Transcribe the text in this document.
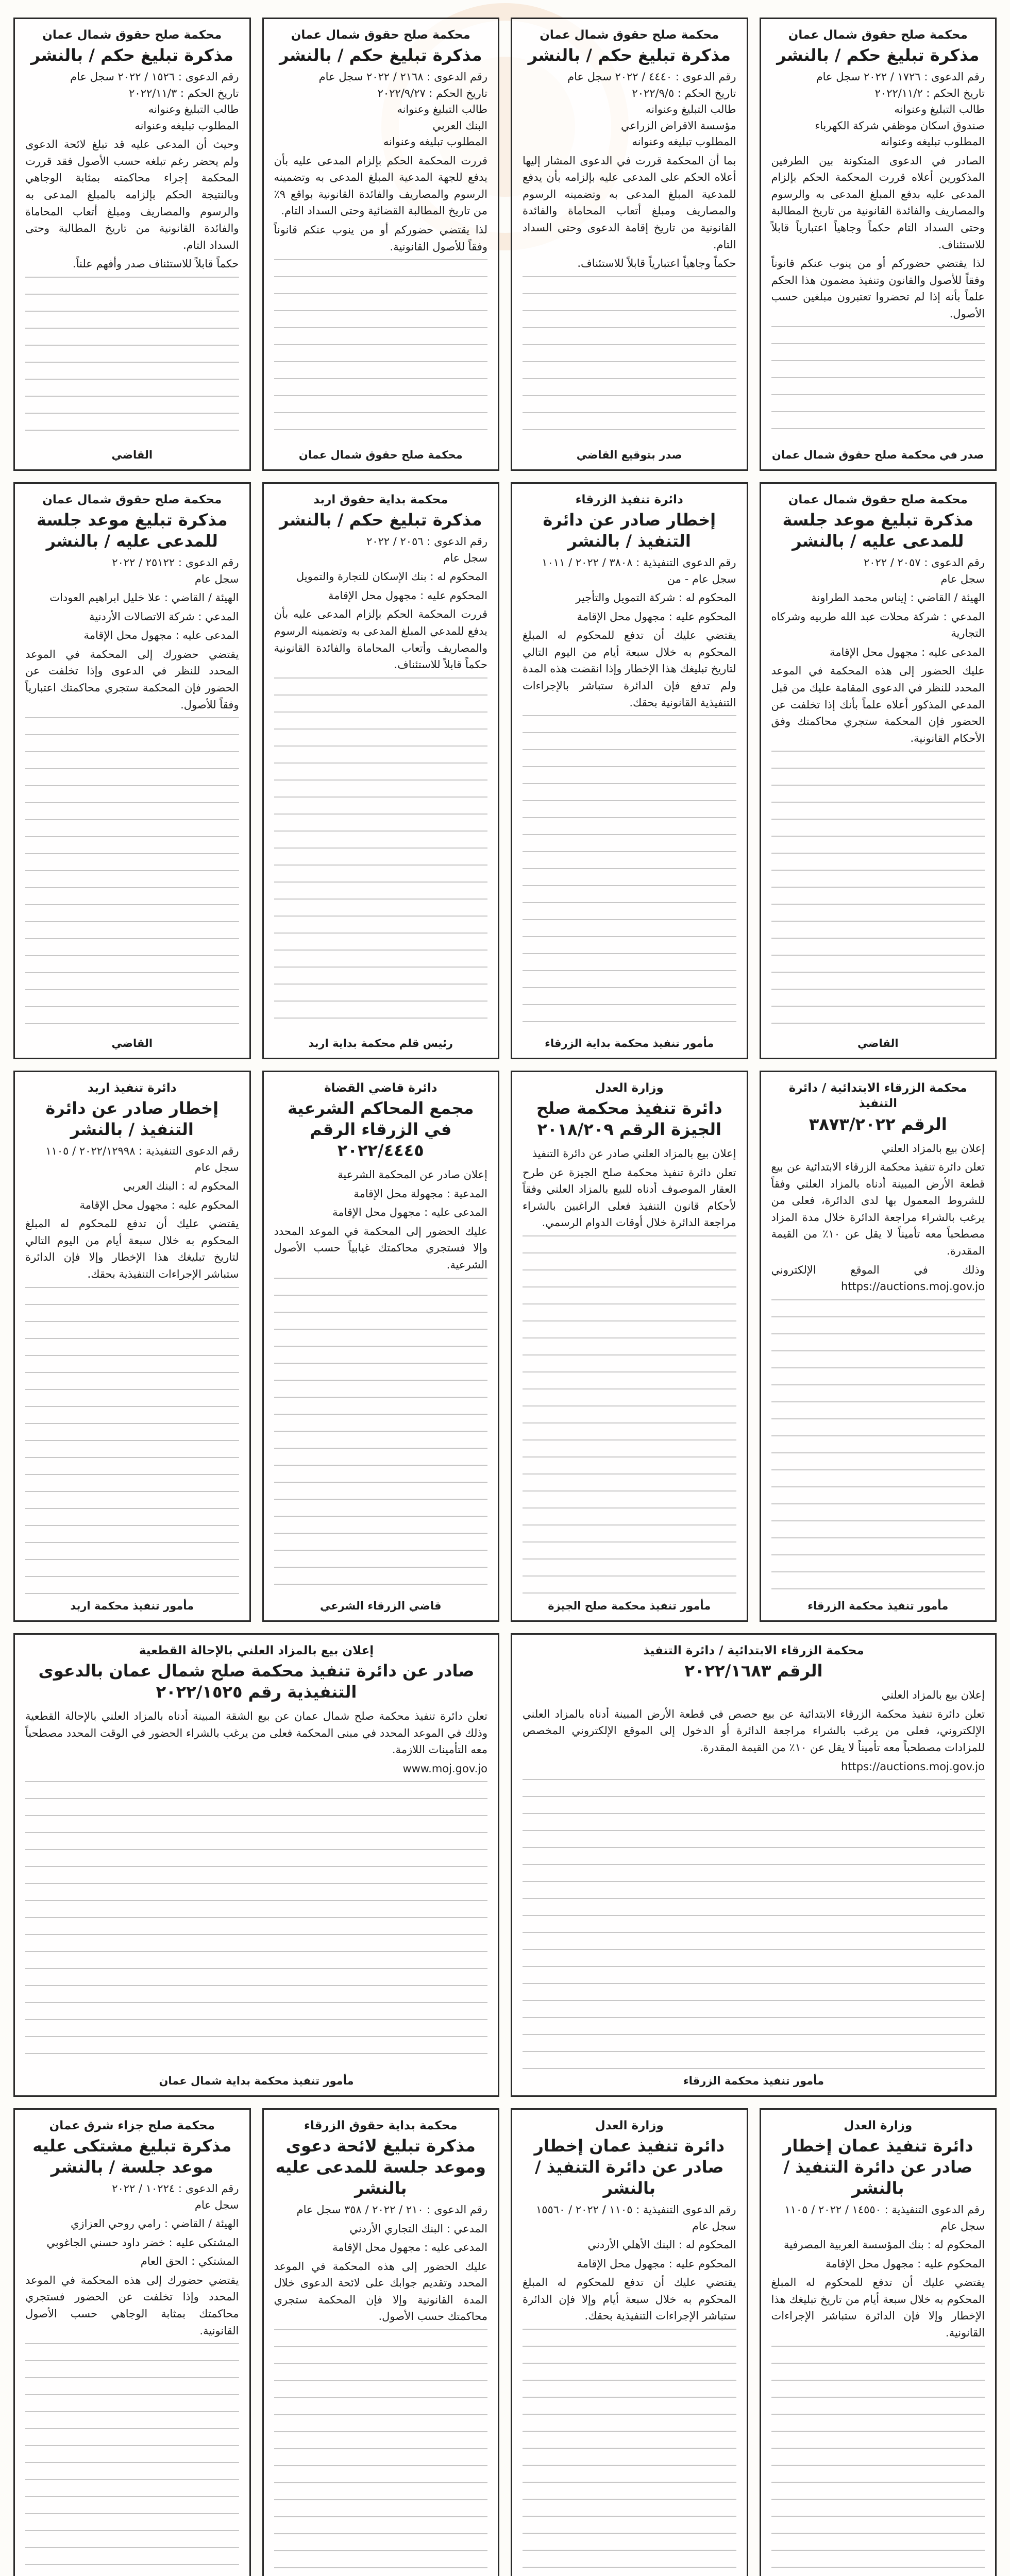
محكمة صلح حقوق شمال عمان
مذكرة تبليغ حكم / بالنشر
رقم الدعوى : ١٧٢٦ / ٢٠٢٢ سجل عام
تاريخ الحكم : ٢٠٢٢/١١/٢
طالب التبليغ وعنوانه
صندوق اسكان موظفي شركة الكهرباء
المطلوب تبليغه وعنوانه
الصادر في الدعوى المتكونة بين الطرفين المذكورين أعلاه قررت المحكمة الحكم بإلزام المدعى عليه بدفع المبلغ المدعى به والرسوم والمصاريف والفائدة القانونية من تاريخ المطالبة وحتى السداد التام حكماً وجاهياً اعتبارياً قابلاً للاستئناف.
لذا يقتضي حضوركم أو من ينوب عنكم قانوناً وفقاً للأصول والقانون وتنفيذ مضمون هذا الحكم علماً بأنه إذا لم تحضروا تعتبرون مبلغين حسب الأصول.
صدر في محكمة صلح حقوق شمال عمان
محكمة صلح حقوق شمال عمان
مذكرة تبليغ حكم / بالنشر
رقم الدعوى : ٤٤٤٠ / ٢٠٢٢ سجل عام
تاريخ الحكم : ٢٠٢٢/٩/٥
طالب التبليغ وعنوانه
مؤسسة الاقراض الزراعي
المطلوب تبليغه وعنوانه
بما أن المحكمة قررت في الدعوى المشار إليها أعلاه الحكم على المدعى عليه بإلزامه بأن يدفع للمدعية المبلغ المدعى به وتضمينه الرسوم والمصاريف ومبلغ أتعاب المحاماة والفائدة القانونية من تاريخ إقامة الدعوى وحتى السداد التام.
حكماً وجاهياً اعتبارياً قابلاً للاستئناف.
صدر بتوقيع القاضي
محكمة صلح حقوق شمال عمان
مذكرة تبليغ حكم / بالنشر
رقم الدعوى : ٢١٦٨ / ٢٠٢٢ سجل عام
تاريخ الحكم : ٢٠٢٢/٩/٢٧
طالب التبليغ وعنوانه
البنك العربي
المطلوب تبليغه وعنوانه
قررت المحكمة الحكم بإلزام المدعى عليه بأن يدفع للجهة المدعية المبلغ المدعى به وتضمينه الرسوم والمصاريف والفائدة القانونية بواقع ٩٪ من تاريخ المطالبة القضائية وحتى السداد التام.
لذا يقتضي حضوركم أو من ينوب عنكم قانوناً وفقاً للأصول القانونية.
محكمة صلح حقوق شمال عمان
محكمة صلح حقوق شمال عمان
مذكرة تبليغ حكم / بالنشر
رقم الدعوى : ١٥٢٦ / ٢٠٢٢ سجل عام
تاريخ الحكم : ٢٠٢٢/١١/٣
طالب التبليغ وعنوانه
المطلوب تبليغه وعنوانه
وحيث أن المدعى عليه قد تبلغ لائحة الدعوى ولم يحضر رغم تبلغه حسب الأصول فقد قررت المحكمة إجراء محاكمته بمثابة الوجاهي وبالنتيجة الحكم بإلزامه بالمبلغ المدعى به والرسوم والمصاريف ومبلغ أتعاب المحاماة والفائدة القانونية من تاريخ المطالبة وحتى السداد التام.
حكماً قابلاً للاستئناف صدر وأفهم علناً.
القاضي
محكمة صلح حقوق شمال عمان
مذكرة تبليغ موعد جلسة للمدعى عليه / بالنشر
رقم الدعوى : ٢٠٥٧ / ٢٠٢٢
سجل عام
الهيئة / القاضي : إيناس محمد الطراونة
المدعي : شركة محلات عبد الله طربيه وشركاه التجارية
المدعى عليه : مجهول محل الإقامة
عليك الحضور إلى هذه المحكمة في الموعد المحدد للنظر في الدعوى المقامة عليك من قبل المدعي المذكور أعلاه علماً بأنك إذا تخلفت عن الحضور فإن المحكمة ستجري محاكمتك وفق الأحكام القانونية.
القاضي
دائرة تنفيذ الزرقاء
إخطار صادر عن دائرة التنفيذ / بالنشر
رقم الدعوى التنفيذية : ٣٨٠٨ / ٢٠٢٢ / ١٠١١
سجل عام - من
المحكوم له : شركة التمويل والتأجير
المحكوم عليه : مجهول محل الإقامة
يقتضي عليك أن تدفع للمحكوم له المبلغ المحكوم به خلال سبعة أيام من اليوم التالي لتاريخ تبليغك هذا الإخطار وإذا انقضت هذه المدة ولم تدفع فإن الدائرة ستباشر بالإجراءات التنفيذية القانونية بحقك.
مأمور تنفيذ محكمة بداية الزرقاء
محكمة بداية حقوق اربد
مذكرة تبليغ حكم / بالنشر
رقم الدعوى : ٢٠٥٦ / ٢٠٢٢
سجل عام
المحكوم له : بنك الإسكان للتجارة والتمويل
المحكوم عليه : مجهول محل الإقامة
قررت المحكمة الحكم بإلزام المدعى عليه بأن يدفع للمدعي المبلغ المدعى به وتضمينه الرسوم والمصاريف وأتعاب المحاماة والفائدة القانونية حكماً قابلاً للاستئناف.
رئيس قلم محكمة بداية اربد
محكمة صلح حقوق شمال عمان
مذكرة تبليغ موعد جلسة للمدعى عليه / بالنشر
رقم الدعوى : ٢٥١٢٢ / ٢٠٢٢
سجل عام
الهيئة / القاضي : علا خليل ابراهيم العودات
المدعي : شركة الاتصالات الأردنية
المدعى عليه : مجهول محل الإقامة
يقتضي حضورك إلى المحكمة في الموعد المحدد للنظر في الدعوى وإذا تخلفت عن الحضور فإن المحكمة ستجري محاكمتك اعتبارياً وفقاً للأصول.
القاضي
محكمة الزرقاء الابتدائية / دائرة التنفيذ
الرقم ٣٨٧٣/٢٠٢٢
إعلان بيع بالمزاد العلني
تعلن دائرة تنفيذ محكمة الزرقاء الابتدائية عن بيع قطعة الأرض المبينة أدناه بالمزاد العلني وفقاً للشروط المعمول بها لدى الدائرة، فعلى من يرغب بالشراء مراجعة الدائرة خلال مدة المزاد مصطحباً معه تأميناً لا يقل عن ١٠٪ من القيمة المقدرة.
وذلك في الموقع الإلكتروني https://auctions.moj.gov.jo
مأمور تنفيذ محكمة الزرقاء
وزارة العدل
دائرة تنفيذ محكمة صلح الجيزة الرقم ٢٠١٨/٢٠٩
إعلان بيع بالمزاد العلني صادر عن دائرة التنفيذ
تعلن دائرة تنفيذ محكمة صلح الجيزة عن طرح العقار الموصوف أدناه للبيع بالمزاد العلني وفقاً لأحكام قانون التنفيذ فعلى الراغبين بالشراء مراجعة الدائرة خلال أوقات الدوام الرسمي.
مأمور تنفيذ محكمة صلح الجيزة
دائرة قاضي القضاة
مجمع المحاكم الشرعية في الزرقاء الرقم ٢٠٢٢/٤٤٤٥
إعلان صادر عن المحكمة الشرعية
المدعية : مجهولة محل الإقامة
المدعى عليه : مجهول محل الإقامة
عليك الحضور إلى المحكمة في الموعد المحدد وإلا فستجري محاكمتك غيابياً حسب الأصول الشرعية.
قاضي الزرقاء الشرعي
دائرة تنفيذ اربد
إخطار صادر عن دائرة التنفيذ / بالنشر
رقم الدعوى التنفيذية : ٢٠٢٢/١٢٩٩٨ / ١١٠٥
سجل عام
المحكوم له : البنك العربي
المحكوم عليه : مجهول محل الإقامة
يقتضي عليك أن تدفع للمحكوم له المبلغ المحكوم به خلال سبعة أيام من اليوم التالي لتاريخ تبليغك هذا الإخطار وإلا فإن الدائرة ستباشر الإجراءات التنفيذية بحقك.
مأمور تنفيذ محكمة اربد
محكمة الزرقاء الابتدائية / دائرة التنفيذ
الرقم ٢٠٢٢/١٦٨٣
إعلان بيع بالمزاد العلني
تعلن دائرة تنفيذ محكمة الزرقاء الابتدائية عن بيع حصص في قطعة الأرض المبينة أدناه بالمزاد العلني الإلكتروني، فعلى من يرغب بالشراء مراجعة الدائرة أو الدخول إلى الموقع الإلكتروني المخصص للمزادات مصطحباً معه تأميناً لا يقل عن ١٠٪ من القيمة المقدرة.
https://auctions.moj.gov.jo
مأمور تنفيذ محكمة الزرقاء
إعلان بيع بالمزاد العلني بالإحالة القطعية
صادر عن دائرة تنفيذ محكمة صلح شمال عمان بالدعوى التنفيذية رقم ٢٠٢٢/١٥٢٥
تعلن دائرة تنفيذ محكمة صلح شمال عمان عن بيع الشقة المبينة أدناه بالمزاد العلني بالإحالة القطعية وذلك في الموعد المحدد في مبنى المحكمة فعلى من يرغب بالشراء الحضور في الوقت المحدد مصطحباً معه التأمينات اللازمة.
www.moj.gov.jo
مأمور تنفيذ محكمة بداية شمال عمان
وزارة العدل
دائرة تنفيذ عمان إخطار صادر عن دائرة التنفيذ / بالنشر
رقم الدعوى التنفيذية : ١٤٥٥٠ / ٢٠٢٢ / ١١٠٥
سجل عام
المحكوم له : بنك المؤسسة العربية المصرفية
المحكوم عليه : مجهول محل الإقامة
يقتضي عليك أن تدفع للمحكوم له المبلغ المحكوم به خلال سبعة أيام من تاريخ تبليغك هذا الإخطار وإلا فإن الدائرة ستباشر الإجراءات القانونية.
وزارة العدل
دائرة تنفيذ عمان إخطار صادر عن دائرة التنفيذ / بالنشر
رقم الدعوى التنفيذية : ١١٠٥ / ٢٠٢٢ / ١٥٥٦٠
سجل عام
المحكوم له : البنك الأهلي الأردني
المحكوم عليه : مجهول محل الإقامة
يقتضي عليك أن تدفع للمحكوم له المبلغ المحكوم به خلال سبعة أيام وإلا فإن الدائرة ستباشر الإجراءات التنفيذية بحقك.
محكمة بداية حقوق الزرقاء
مذكرة تبليغ لائحة دعوى وموعد جلسة للمدعى عليه بالنشر
رقم الدعوى : ٢١٠ / ٢٠٢٢ / ٣٥٨ سجل عام
المدعي : البنك التجاري الأردني
المدعى عليه : مجهول محل الإقامة
عليك الحضور إلى هذه المحكمة في الموعد المحدد وتقديم جوابك على لائحة الدعوى خلال المدة القانونية وإلا فإن المحكمة ستجري محاكمتك حسب الأصول.
محكمة صلح جزاء شرق عمان
مذكرة تبليغ مشتكى عليه موعد جلسة / بالنشر
رقم الدعوى : ١٠٢٢٤ / ٢٠٢٢
سجل عام
الهيئة / القاضي : رامي روحي العزازي
المشتكى عليه : خضر داود حسني الجاغوبي
المشتكي : الحق العام
يقتضي حضورك إلى هذه المحكمة في الموعد المحدد وإذا تخلفت عن الحضور فستجري محاكمتك بمثابة الوجاهي حسب الأصول القانونية.
